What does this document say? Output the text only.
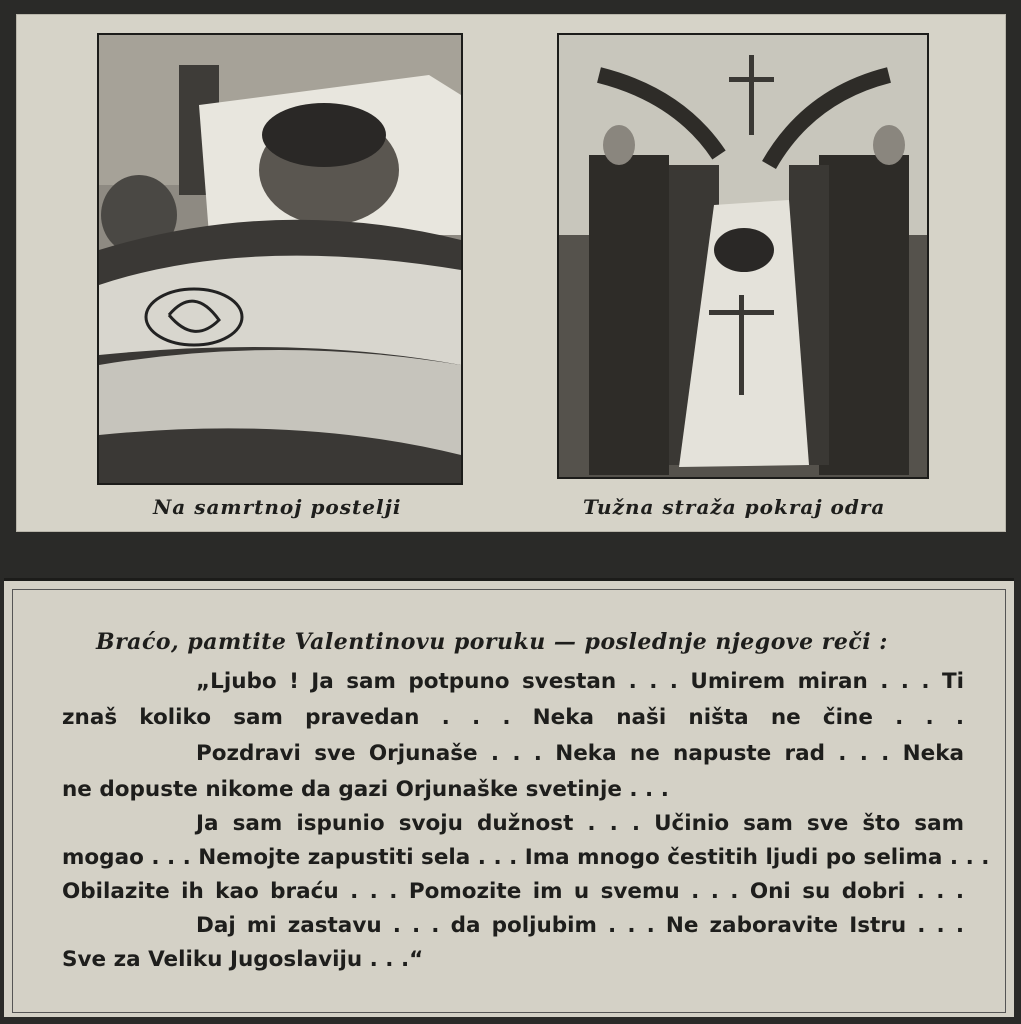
Na samrtnoj postelji	Tužna straža pokraj odra
Braćo, pamtite Valentinovu poruku — poslednje njegove reči :
„Ljubo ! Ja sam potpuno svestan . . . Umirem miran . . . Ti
znaš koliko sam pravedan . . . Neka naši ništa ne čine . . .
Pozdravi sve Orjunaše . . . Neka ne napuste rad . . . Neka
ne dopuste nikome da gazi Orjunaške svetinje . . .
Ja sam ispunio svoju dužnost . . . Učinio sam sve što sam
mogao . . . Nemojte zapustiti sela . . . Ima mnogo čestitih ljudi po selima . . .
Obilazite ih kao braću . . . Pomozite im u svemu . . . Oni su dobri . . .
Daj mi zastavu . . . da poljubim . . . Ne zaboravite Istru . . .
Sve za Veliku Jugoslaviju . . .“
